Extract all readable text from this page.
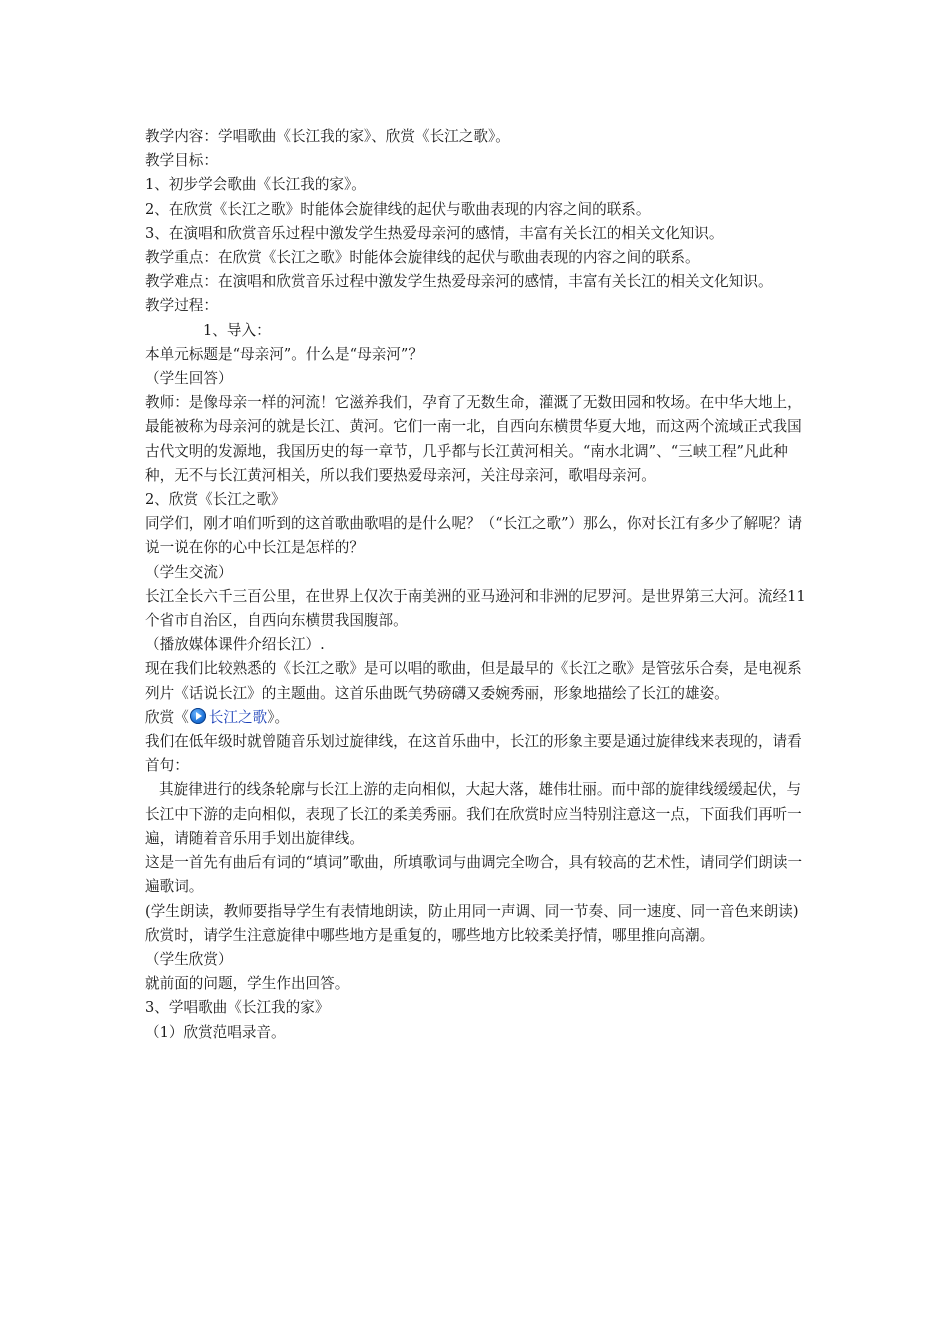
教学内容：学唱歌曲《长江我的家》、欣赏《长江之歌》。

教学目标：

1、初步学会歌曲《长江我的家》。

2、在欣赏《长江之歌》时能体会旋律线的起伏与歌曲表现的内容之间的联系。

3、在演唱和欣赏音乐过程中激发学生热爱母亲河的感情，丰富有关长江的相关文化知识。

教学重点：在欣赏《长江之歌》时能体会旋律线的起伏与歌曲表现的内容之间的联系。

教学难点：在演唱和欣赏音乐过程中激发学生热爱母亲河的感情，丰富有关长江的相关文化知识。

教学过程：

1、导入：

本单元标题是“母亲河”。什么是“母亲河”？

（学生回答）

教师：是像母亲一样的河流！它滋养我们，孕育了无数生命，灌溉了无数田园和牧场。在中华大地上，最能被称为母亲河的就是长江、黄河。它们一南一北，自西向东横贯华夏大地，而这两个流域正式我国古代文明的发源地，我国历史的每一章节，几乎都与长江黄河相关。“南水北调”、“三峡工程”凡此种种，无不与长江黄河相关，所以我们要热爱母亲河，关注母亲河，歌唱母亲河。

2、欣赏《长江之歌》

同学们，刚才咱们听到的这首歌曲歌唱的是什么呢？（“长江之歌”）那么，你对长江有多少了解呢？请说一说在你的心中长江是怎样的？

（学生交流）

长江全长六千三百公里，在世界上仅次于南美洲的亚马逊河和非洲的尼罗河。是世界第三大河。流经11个省市自治区，自西向东横贯我国腹部。

（播放媒体课件介绍长江）.

现在我们比较熟悉的《长江之歌》是可以唱的歌曲，但是最早的《长江之歌》是管弦乐合奏，是电视系列片《话说长江》的主题曲。这首乐曲既气势磅礴又委婉秀丽，形象地描绘了长江的雄姿。

欣赏《 长江之歌》。

我们在低年级时就曾随音乐划过旋律线，在这首乐曲中，长江的形象主要是通过旋律线来表现的，请看首句：

其旋律进行的线条轮廓与长江上游的走向相似，大起大落，雄伟壮丽。而中部的旋律线缓缓起伏，与长江中下游的走向相似，表现了长江的柔美秀丽。我们在欣赏时应当特别注意这一点，下面我们再听一遍，请随着音乐用手划出旋律线。

这是一首先有曲后有词的“填词”歌曲，所填歌词与曲调完全吻合，具有较高的艺术性，请同学们朗读一遍歌词。

(学生朗读，教师要指导学生有表情地朗读，防止用同一声调、同一节奏、同一速度、同一音色来朗读)

欣赏时，请学生注意旋律中哪些地方是重复的，哪些地方比较柔美抒情，哪里推向高潮。

（学生欣赏）

就前面的问题，学生作出回答。

3、学唱歌曲《长江我的家》

（1）欣赏范唱录音。
